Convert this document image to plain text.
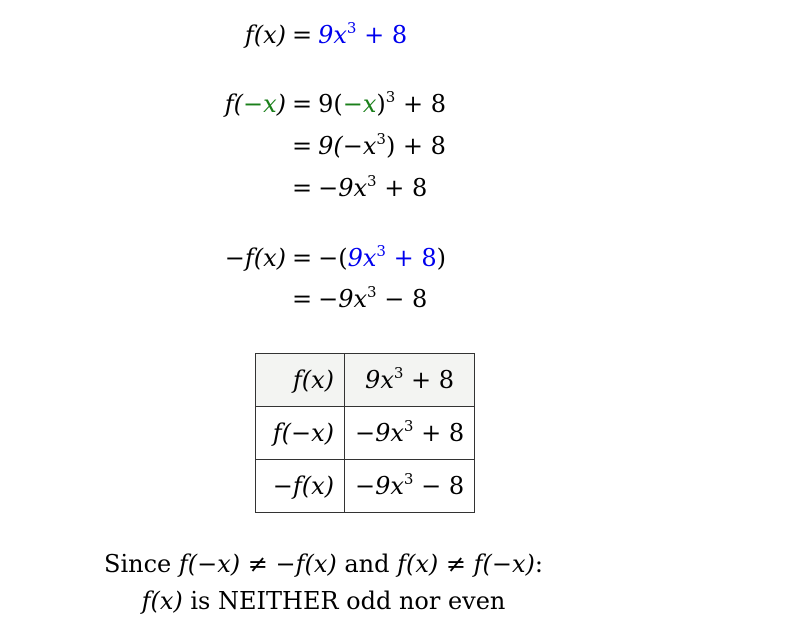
$f(x) = 9x^3 + 8$
$f(-x) = 9(-x)^3 + 8$
= $9(-x^3) + 8$
= $-9x^3 + 8$
$-f(x) = -(9x^3 + 8)$
= $-9x^3 - 8$
f(x)	$9x^3 + 8$
f(−x)	$-9x^3 + 8$
−f(x)	$-9x^3 - 8$
Since f(−x) ≠ −f(x) and f(x) ≠ f(−x):
f(x) is NEITHER odd nor even
